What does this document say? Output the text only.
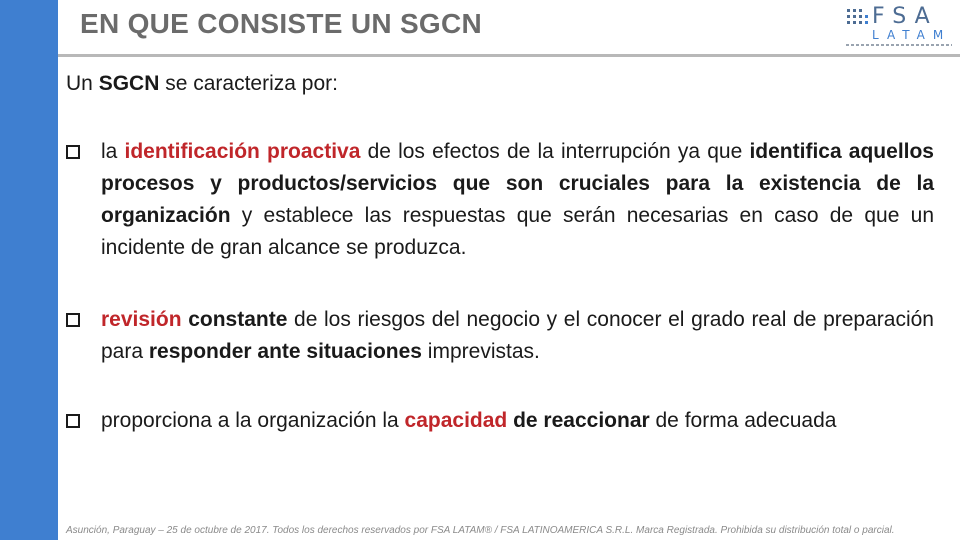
EN QUE CONSISTE UN SGCN	FSA
LATAM
Un SGCN se caracteriza por:
la identificación proactiva de los efectos de la interrupción ya que identifica aquellos procesos y productos/servicios que son cruciales para la existencia de la organización y establece las respuestas que serán necesarias en caso de que un incidente de gran alcance se produzca.
revisión constante de los riesgos del negocio y el conocer el grado real de preparación para responder ante situaciones imprevistas.
proporciona a la organización la capacidad de reaccionar de forma adecuada
Asunción, Paraguay – 25 de octubre de 2017. Todos los derechos reservados por FSA LATAM® / FSA LATINOAMERICA S.R.L. Marca Registrada. Prohibida su distribución total o parcial.
